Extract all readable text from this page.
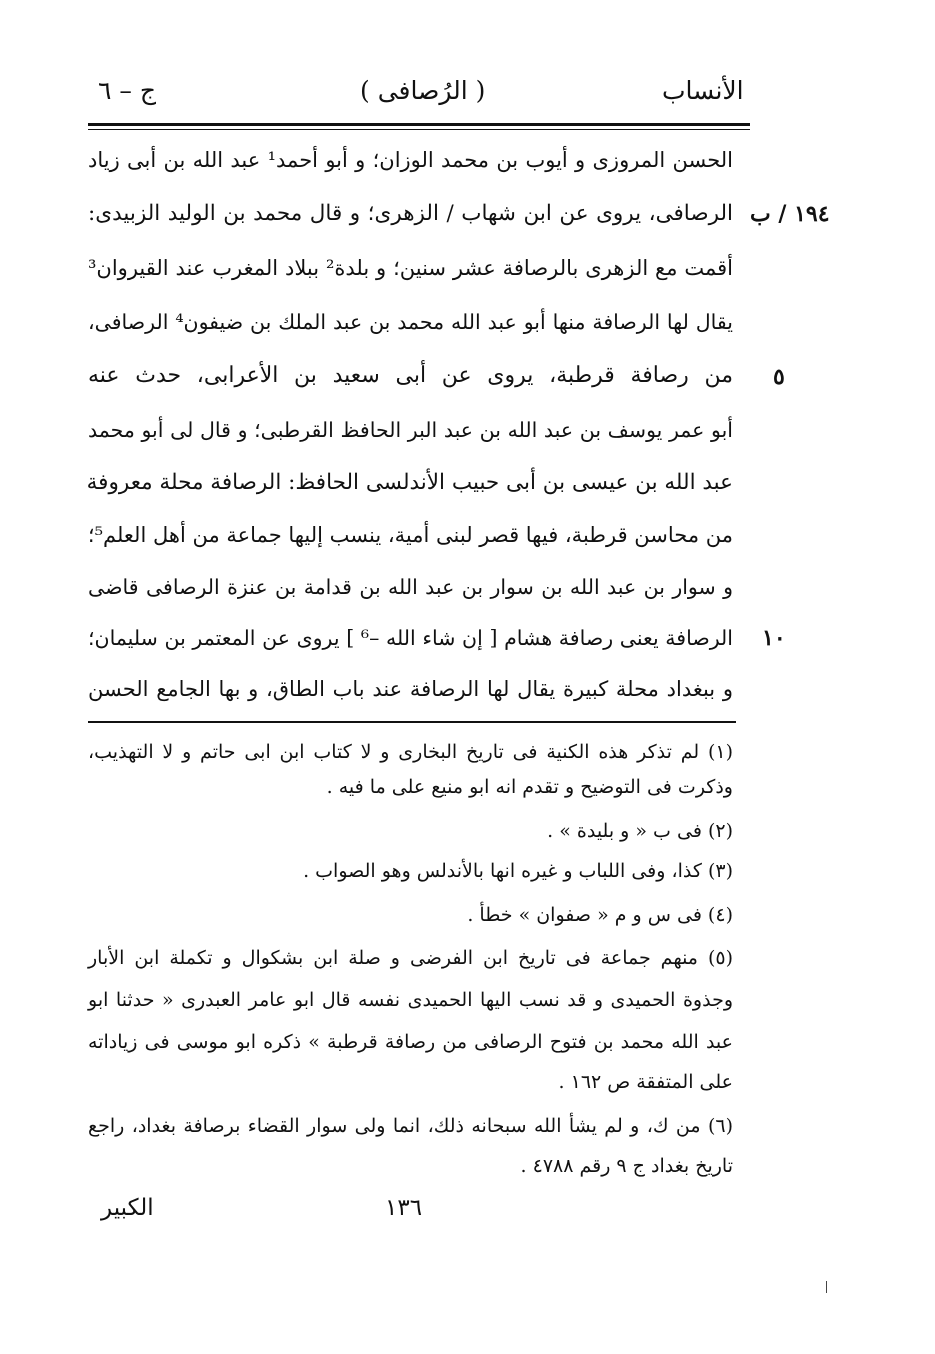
الأنساب
( الرُصافى )
ج – ٦
الحسن المروزى و أيوب بن محمد الوزان؛ و أبو أحمد¹ عبد الله بن أبى زياد
الرصافى، يروى عن ابن شهاب / الزهرى؛ و قال محمد بن الوليد الزبيدى:
أقمت مع الزهرى بالرصافة عشر سنين؛ و بلدة² ببلاد المغرب عند القيروان³
يقال لها الرصافة منها أبو عبد الله محمد بن عبد الملك بن ضيفون⁴ الرصافى،
من رصافة قرطبة، يروى عن أبى سعيد بن الأعرابى، حدث عنه
أبو عمر يوسف بن عبد الله بن عبد البر الحافظ القرطبى؛ و قال لى أبو محمد
عبد الله بن عيسى بن أبى حبيب الأندلسى الحافظ: الرصافة محلة معروفة
من محاسن قرطبة، فيها قصر لبنى أمية، ينسب إليها جماعة من أهل العلم⁵؛
و سوار بن عبد الله بن سوار بن عبد الله بن قدامة بن عنزة الرصافى قاضى
الرصافة يعنى رصافة هشام [ إن شاء الله –⁶ ] يروى عن المعتمر بن سليمان؛
و ببغداد محلة كبيرة يقال لها الرصافة عند باب الطاق، و بها الجامع الحسن
١٩٤ / ب
٥
١٠
(١) لم تذكر هذه الكنية فى تاريخ البخارى و لا كتاب ابن ابى حاتم و لا التهذيب،
وذكرت فى التوضيح و تقدم انه ابو منيع على ما فيه .
(٢) فى ب « و بليدة » .
(٣) كذا، وفى اللباب و غيره انها بالأندلس وهو الصواب .
(٤) فى س و م « صفوان » خطأ .
(٥) منهم جماعة فى تاريخ ابن الفرضى و صلة ابن بشكوال و تكملة ابن الأبار
وجذوة الحميدى و قد نسب اليها الحميدى نفسه قال ابو عامر العبدرى « حدثنا ابو
عبد الله محمد بن فتوح الرصافى من رصافة قرطبة » ذكره ابو موسى فى زياداته
على المتفقة ص ١٦٢ .
(٦) من ك، و لم يشأ الله سبحانه ذلك، انما ولى سوار القضاء برصافة بغداد، راجع
تاريخ بغداد ج ٩ رقم ٤٧٨٨ .
الكبير	١٣٦
